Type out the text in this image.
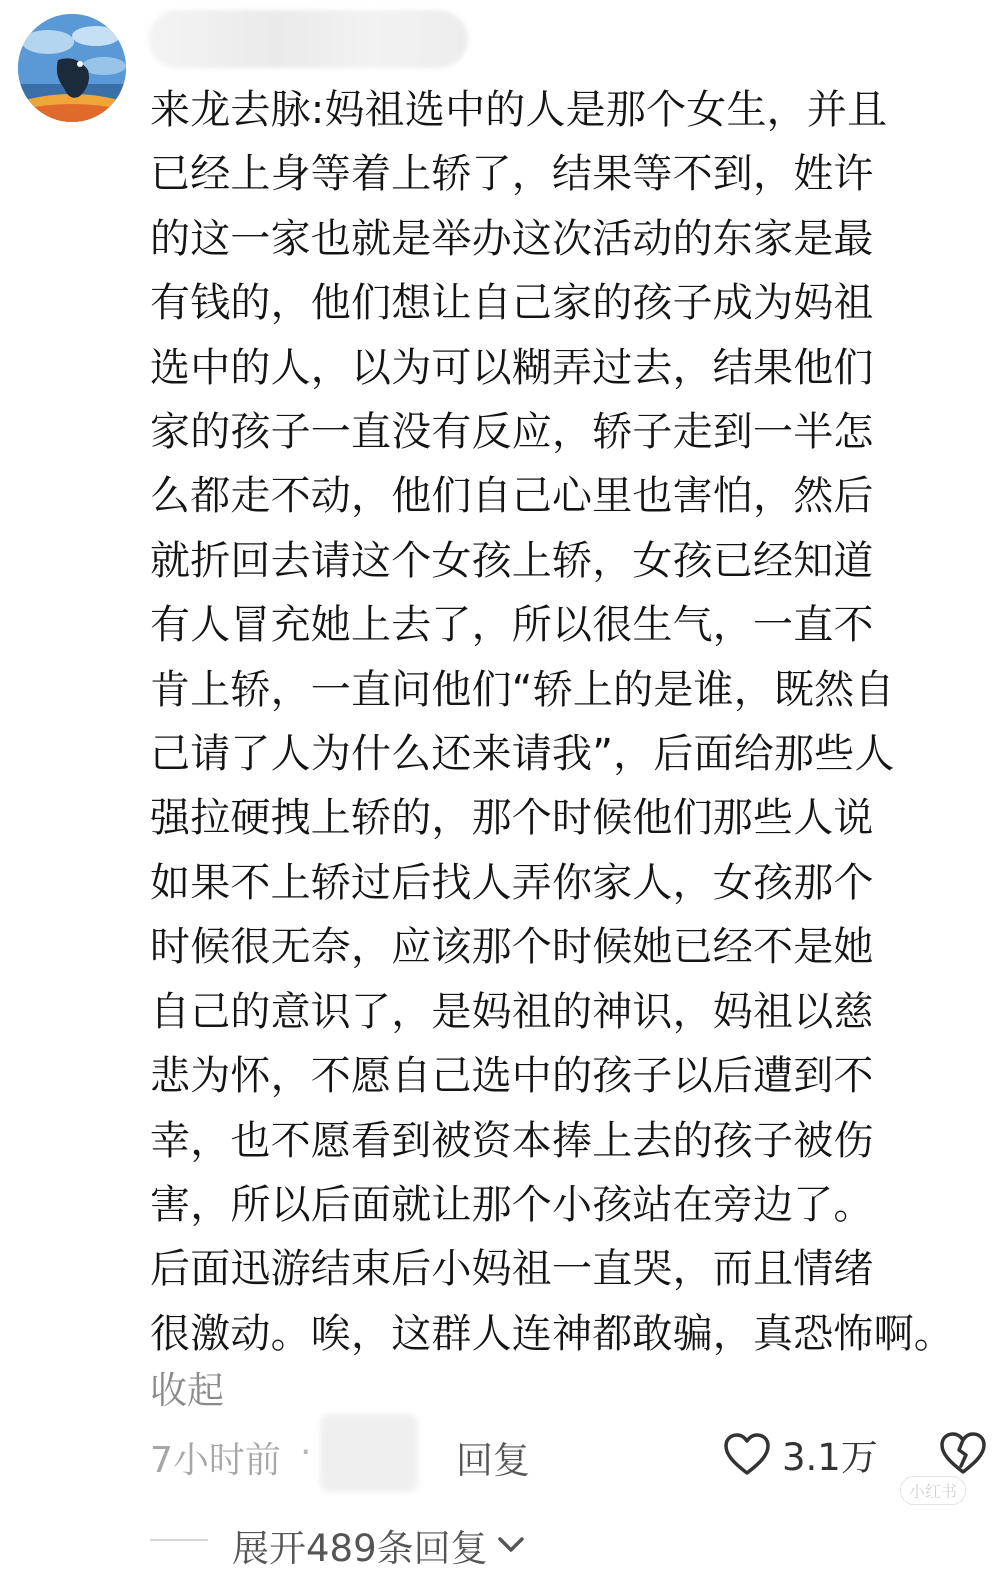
来龙去脉:妈祖选中的人是那个女生，并且
已经上身等着上轿了，结果等不到，姓许
的这一家也就是举办这次活动的东家是最
有钱的，他们想让自己家的孩子成为妈祖
选中的人，以为可以糊弄过去，结果他们
家的孩子一直没有反应，轿子走到一半怎
么都走不动，他们自己心里也害怕，然后
就折回去请这个女孩上轿，女孩已经知道
有人冒充她上去了，所以很生气，一直不
肯上轿，一直问他们“轿上的是谁，既然自
己请了人为什么还来请我”，后面给那些人
强拉硬拽上轿的，那个时候他们那些人说
如果不上轿过后找人弄你家人，女孩那个
时候很无奈，应该那个时候她已经不是她
自己的意识了，是妈祖的神识，妈祖以慈
悲为怀，不愿自己选中的孩子以后遭到不
幸，也不愿看到被资本捧上去的孩子被伤
害，所以后面就让那个小孩站在旁边了。
后面迅游结束后小妈祖一直哭，而且情绪
很激动。唉，这群人连神都敢骗，真恐怖啊。
收起
7小时前 ·	回复	3.1万
小红书
展开489条回复
